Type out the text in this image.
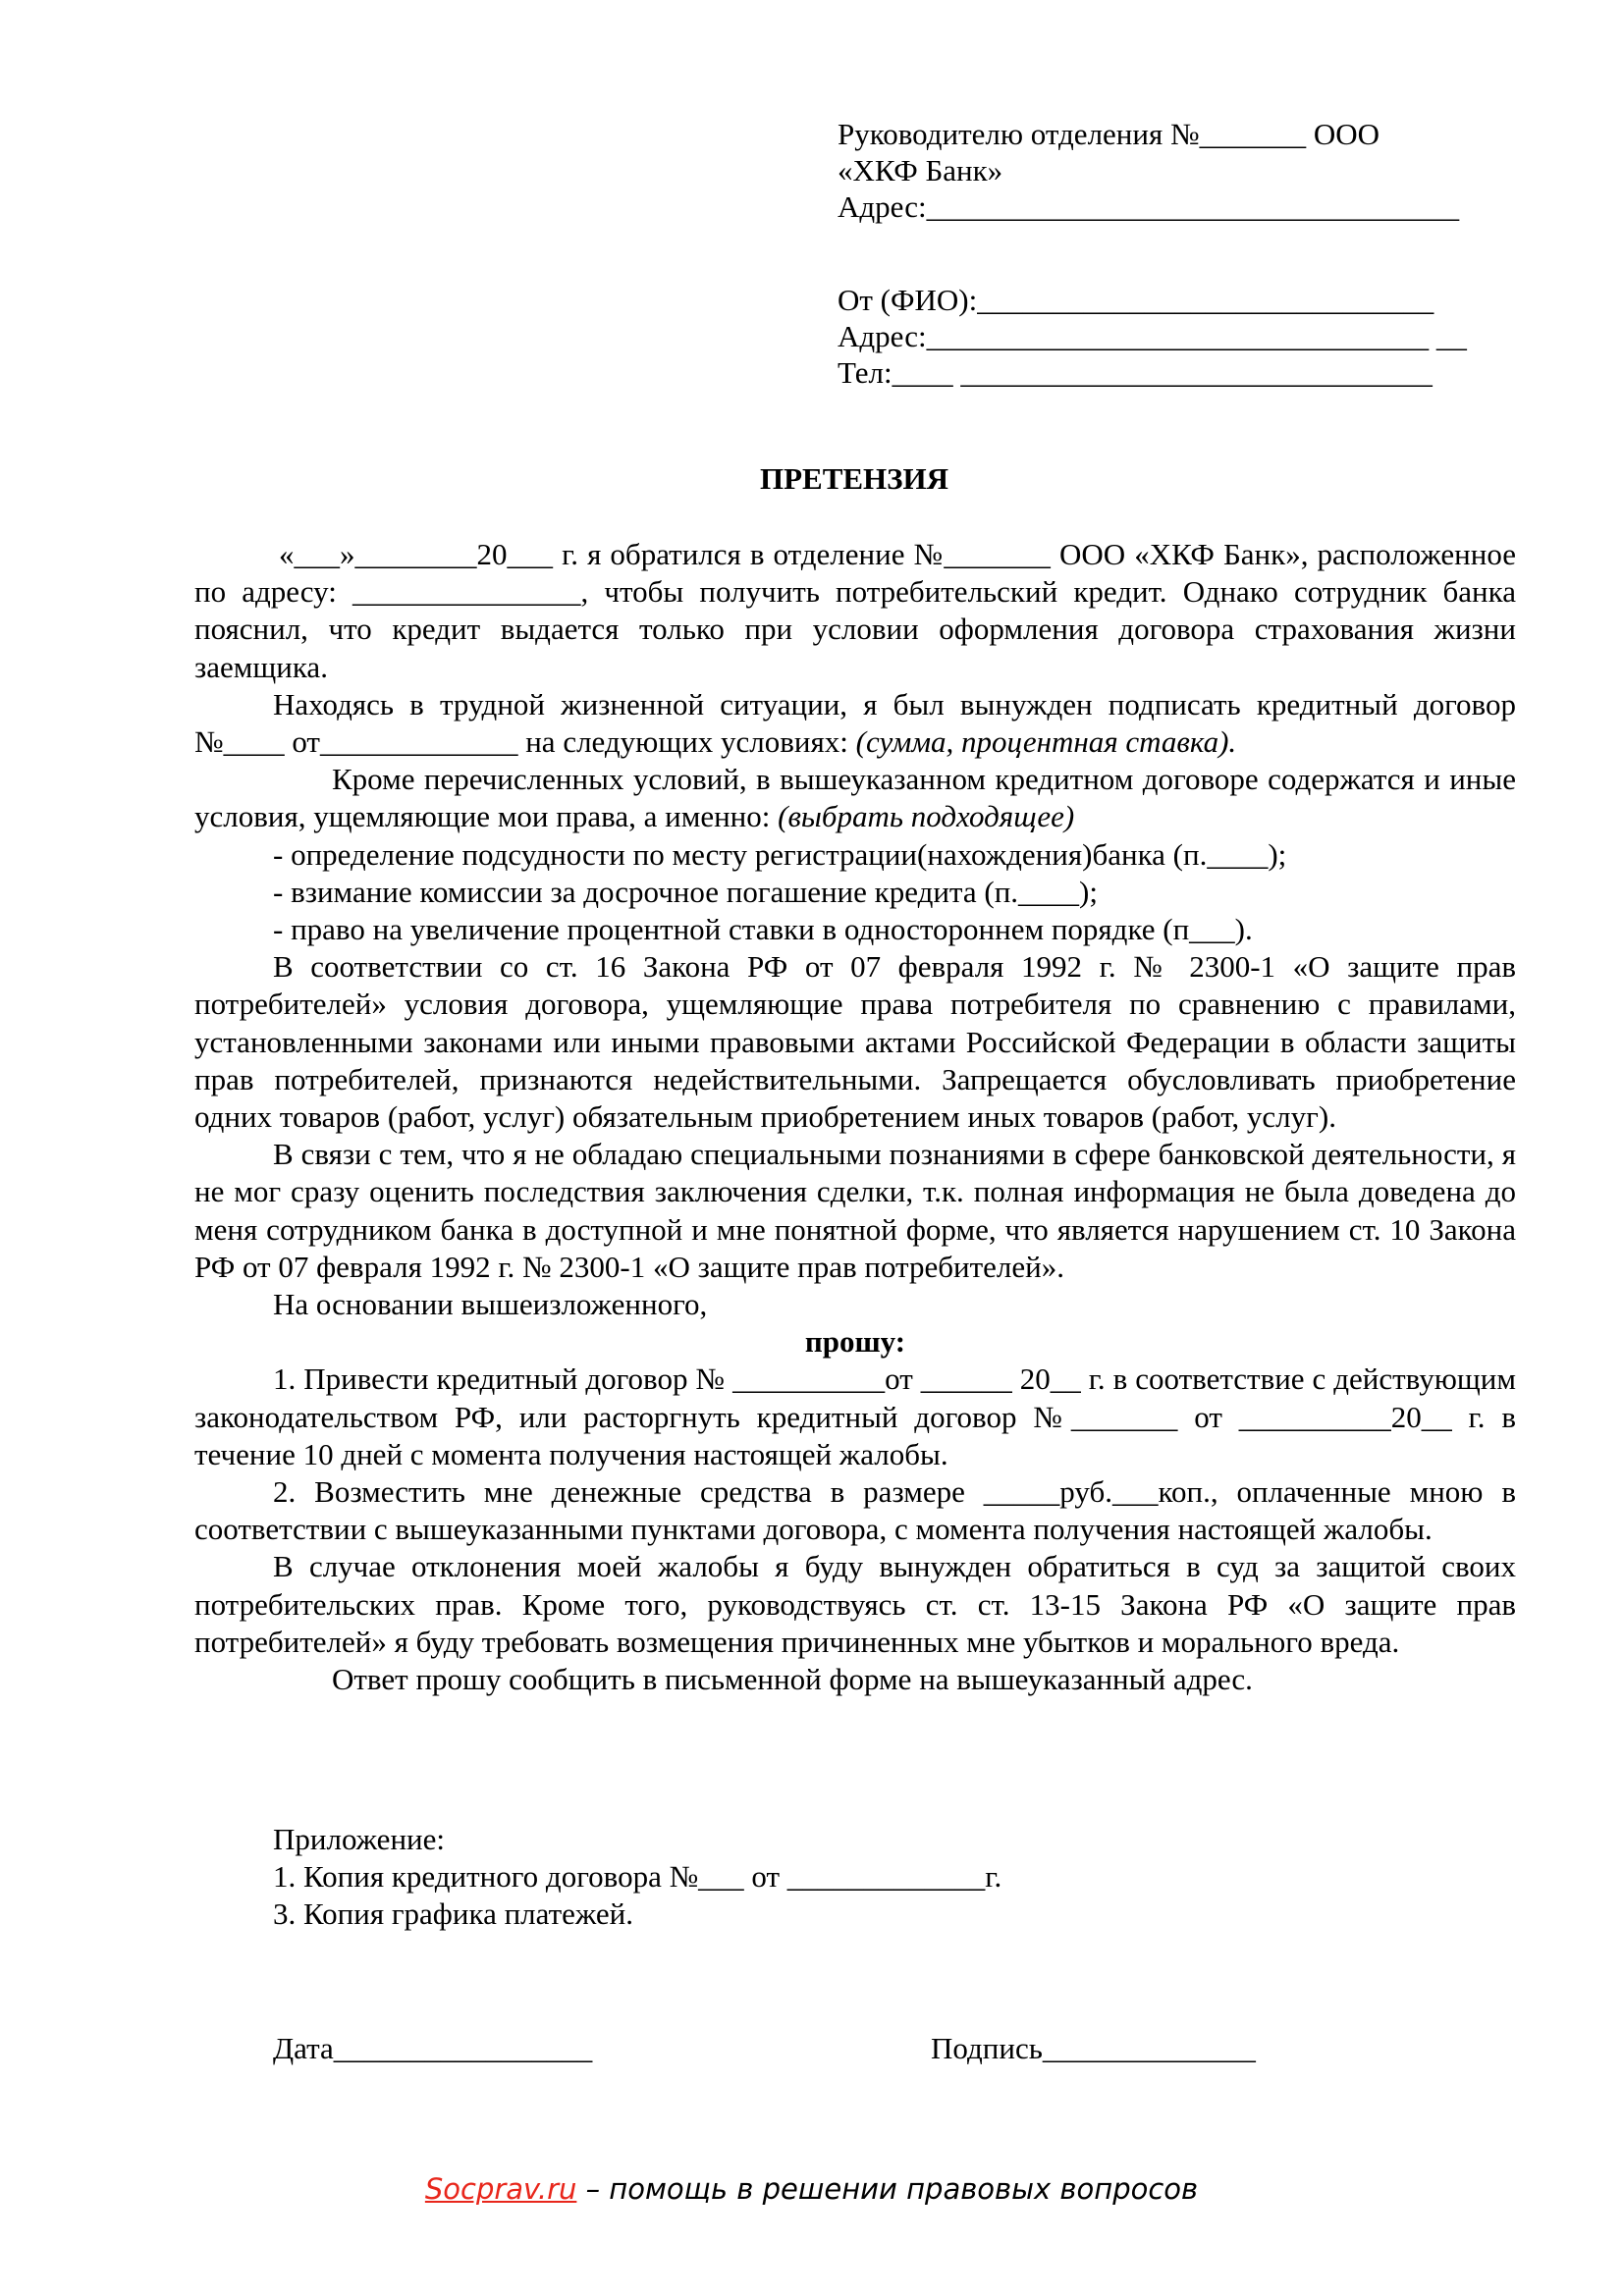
Руководителю отделения №_______ ООО
«ХКФ Банк»
Адрес:___________________________________
От (ФИО):______________________________
Адрес:_________________________________ __
Тел:____ _______________________________
ПРЕТЕНЗИЯ

«___»________20___ г. я обратился в отделение №_______ ООО «ХКФ Банк», расположенное по адресу: _______________, чтобы получить потребительский кредит. Однако сотрудник банка пояснил, что кредит выдается только при условии оформления договора страхования жизни заемщика.

Находясь в трудной жизненной ситуации, я был вынужден подписать кредитный договор №____ от_____________ на следующих условиях: (сумма, процентная ставка).

Кроме перечисленных условий, в вышеуказанном кредитном договоре содержатся и иные условия, ущемляющие мои права, а именно: (выбрать подходящее)

- определение подсудности по месту регистрации(нахождения)банка (п.____);

- взимание комиссии за досрочное погашение кредита (п.____);

- право на увеличение процентной ставки в одностороннем порядке (п___).

В соответствии со ст. 16 Закона РФ от 07 февраля 1992 г. № 2300-1 «О защите прав потребителей» условия договора, ущемляющие права потребителя по сравнению с правилами, установленными законами или иными правовыми актами Российской Федерации в области защиты прав потребителей, признаются недействительными. Запрещается обусловливать приобретение одних товаров (работ, услуг) обязательным приобретением иных товаров (работ, услуг).

В связи с тем, что я не обладаю специальными познаниями в сфере банковской деятельности, я не мог сразу оценить последствия заключения сделки, т.к. полная информация не была доведена до меня сотрудником банка в доступной и мне понятной форме, что является нарушением ст. 10 Закона РФ от 07 февраля 1992 г. № 2300-1 «О защите прав потребителей».

На основании вышеизложенного,

прошу:

1. Привести кредитный договор № __________от ______ 20__ г. в соответствие с действующим законодательством РФ, или расторгнуть кредитный договор №_______ от __________20__ г. в течение 10 дней с момента получения настоящей жалобы.

2. Возместить мне денежные средства в размере _____руб.___коп., оплаченные мною в соответствии с вышеуказанными пунктами договора, с момента получения настоящей жалобы.

В случае отклонения моей жалобы я буду вынужден обратиться в суд за защитой своих потребительских прав. Кроме того, руководствуясь ст. ст. 13-15 Закона РФ «О защите прав потребителей» я буду требовать возмещения причиненных мне убытков и морального вреда.

Ответ прошу сообщить в письменной форме на вышеуказанный адрес.

Приложение:

1. Копия кредитного договора №___ от _____________г.

3. Копия графика платежей.

Дата_________________	Подпись______________
Socprav.ru – помощь в решении правовых вопросов
